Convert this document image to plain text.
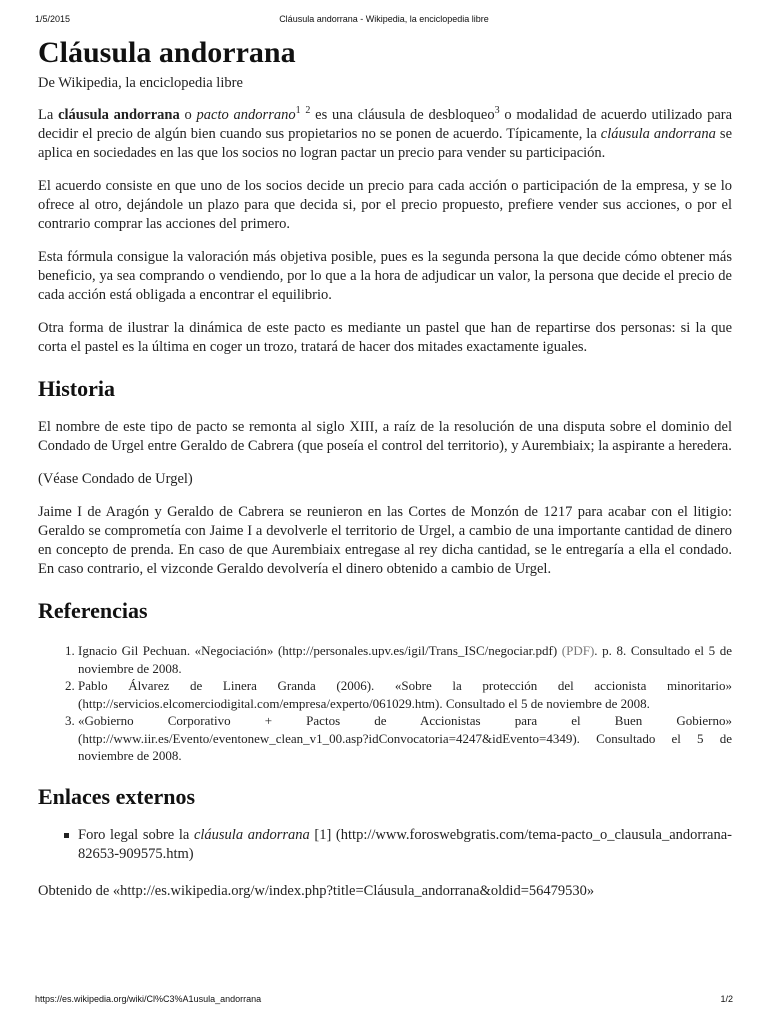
1/5/2015	Cláusula andorrana - Wikipedia, la enciclopedia libre
Cláusula andorrana
De Wikipedia, la enciclopedia libre

La cláusula andorrana o pacto andorrano$^1$ $^2$ es una cláusula de desbloqueo$^3$ o modalidad de acuerdo utilizado para decidir el precio de algún bien cuando sus propietarios no se ponen de acuerdo. Típicamente, la cláusula andorrana se aplica en sociedades en las que los socios no logran pactar un precio para vender su participación.

El acuerdo consiste en que uno de los socios decide un precio para cada acción o participación de la empresa, y se lo ofrece al otro, dejándole un plazo para que decida si, por el precio propuesto, prefiere vender sus acciones, o por el contrario comprar las acciones del primero.

Esta fórmula consigue la valoración más objetiva posible, pues es la segunda persona la que decide cómo obtener más beneficio, ya sea comprando o vendiendo, por lo que a la hora de adjudicar un valor, la persona que decide el precio de cada acción está obligada a encontrar el equilibrio.

Otra forma de ilustrar la dinámica de este pacto es mediante un pastel que han de repartirse dos personas: si la que corta el pastel es la última en coger un trozo, tratará de hacer dos mitades exactamente iguales.

Historia

El nombre de este tipo de pacto se remonta al siglo XIII, a raíz de la resolución de una disputa sobre el dominio del Condado de Urgel entre Geraldo de Cabrera (que poseía el control del territorio), y Aurembiaix; la aspirante a heredera.

(Véase Condado de Urgel)

Jaime I de Aragón y Geraldo de Cabrera se reunieron en las Cortes de Monzón de 1217 para acabar con el litigio: Geraldo se comprometía con Jaime I a devolverle el territorio de Urgel, a cambio de una importante cantidad de dinero en concepto de prenda. En caso de que Aurembiaix entregase al rey dicha cantidad, se le entregaría a ella el condado. En caso contrario, el vizconde Geraldo devolvería el dinero obtenido a cambio de Urgel.

Referencias
1. Ignacio Gil Pechuan. «Negociación» (http://personales.upv.es/igil/Trans_ISC/negociar.pdf) (PDF). p. 8. Consultado el 5 de noviembre de 2008.
2. Pablo Álvarez de Linera Granda (2006). «Sobre la protección del accionista minoritario» (http://servicios.elcomerciodigital.com/empresa/experto/061029.htm). Consultado el 5 de noviembre de 2008.
3. «Gobierno Corporativo + Pactos de Accionistas para el Buen Gobierno» (http://www.iir.es/Evento/eventonew_clean_v1_00.asp?idConvocatoria=4247&idEvento=4349). Consultado el 5 de noviembre de 2008.
Enlaces externos
Foro legal sobre la cláusula andorrana [1] (http://www.foroswebgratis.com/tema-pacto_o_clausula_andorrana-82653-909575.htm)
Obtenido de «http://es.wikipedia.org/w/index.php?title=Cláusula_andorrana&oldid=56479530»
https://es.wikipedia.org/wiki/Cl%C3%A1usula_andorrana	1/2
